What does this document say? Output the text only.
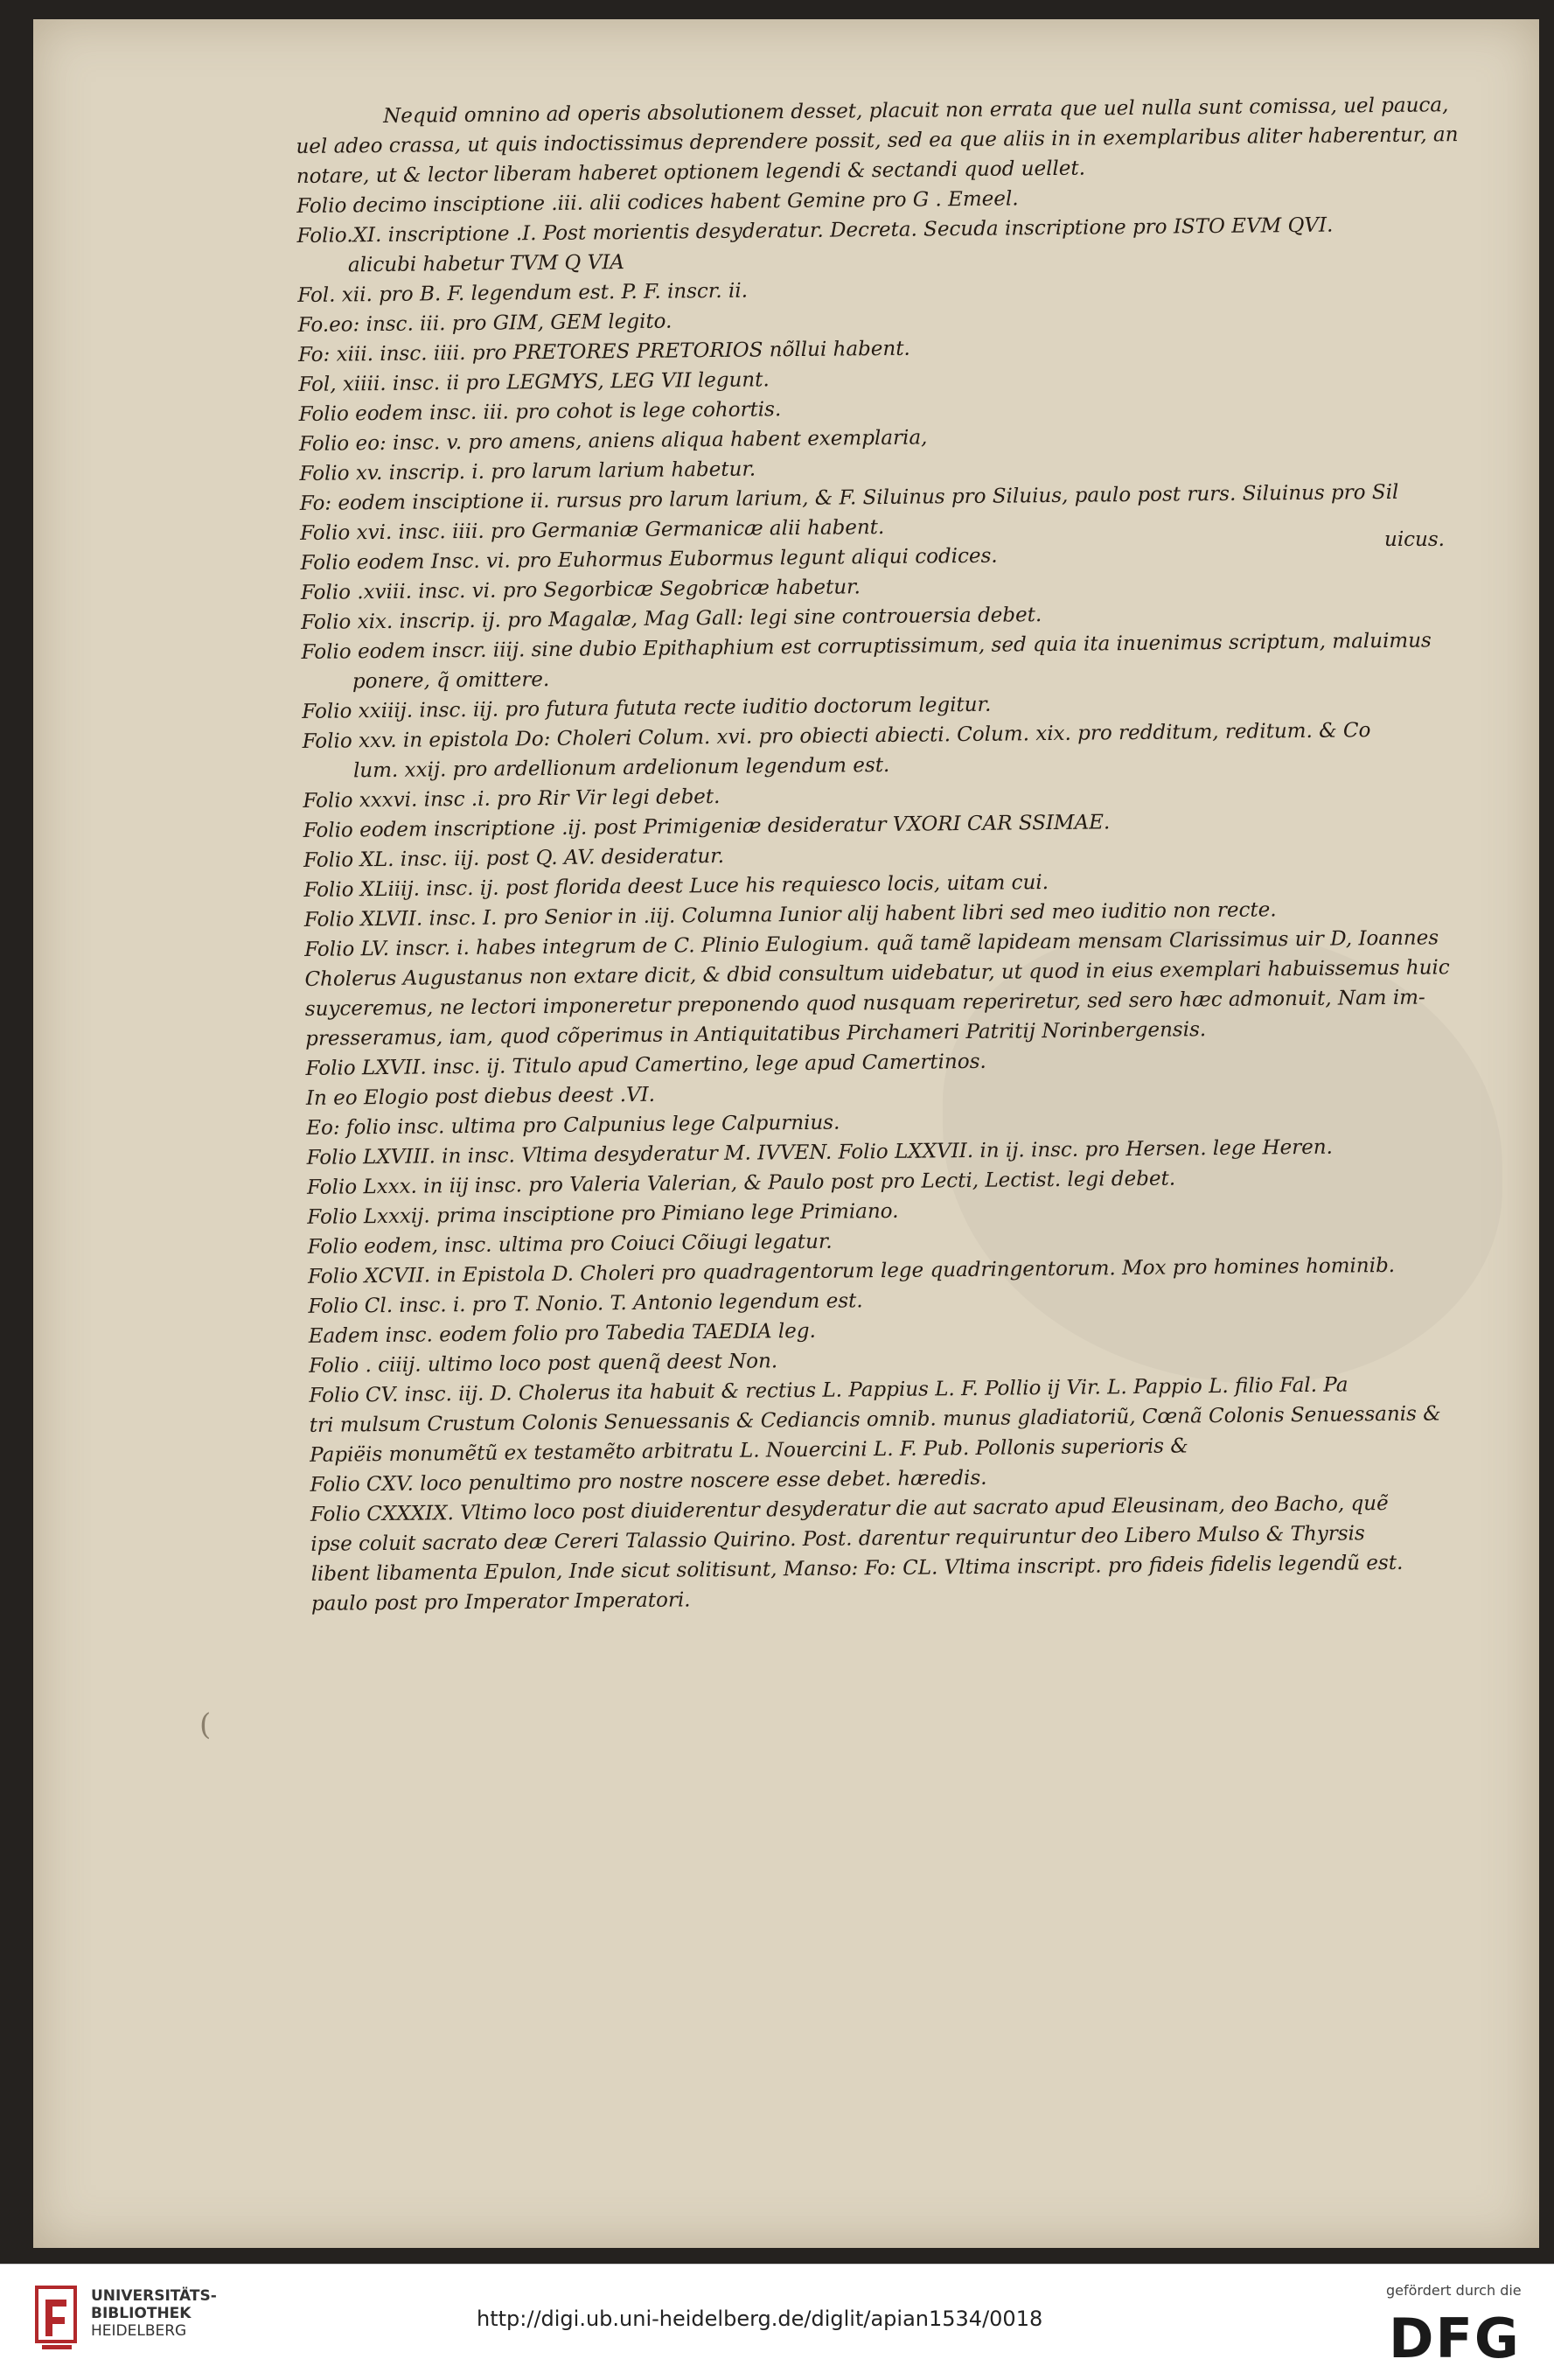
(
Nequid omnino ad operis absolutionem desset, placuit non errata que uel nulla sunt comissa, uel pauca,
uel adeo crassa, ut quis indoctissimus deprendere possit, sed ea que aliis in in exemplaribus aliter haberentur, an
notare, ut & lector liberam haberet optionem legendi & sectandi quod uellet.
Folio decimo insciptione .iii. alii codices habent Gemine pro G . Emeel.
Folio.XI. inscriptione .I. Post morientis desyderatur. Decreta. Secuda inscriptione pro ISTO EVM QVI.
alicubi habetur TVM Q VIA
Fol. xii. pro B. F. legendum est. P. F. inscr. ii.
Fo.eo: insc. iii. pro GIM, GEM legito.
Fo: xiii. insc. iiii. pro PRETORES PRETORIOS nõllui habent.
Fol, xiiii. insc. ii pro LEGMYS, LEG VII legunt.
Folio eodem insc. iii. pro cohot is lege cohortis.
Folio eo: insc. v. pro amens, aniens aliqua habent exemplaria,
Folio xv. inscrip. i. pro larum larium habetur.
Fo: eodem insciptione ii. rursus pro larum larium, & F. Siluinus pro Siluius, paulo post rurs. Siluinus pro Sil
Folio xvi. insc. iiii. pro Germaniæ Germanicæ alii habent.
Folio eodem Insc. vi. pro Euhormus Eubormus legunt aliqui codices.
Folio .xviii. insc. vi. pro Segorbicæ Segobricæ habetur.
Folio xix. inscrip. ij. pro Magalæ, Mag Gall: legi sine controuersia debet.
Folio eodem inscr. iiij. sine dubio Epithaphium est corruptissimum, sed quia ita inuenimus scriptum, maluimus
ponere, q̃ omittere.
Folio xxiiij. insc. iij. pro futura fututa recte iuditio doctorum legitur.
Folio xxv. in epistola Do: Choleri Colum. xvi. pro obiecti abiecti. Colum. xix. pro redditum, reditum. & Co
lum. xxij. pro ardellionum ardelionum legendum est.
Folio xxxvi. insc .i. pro Rir Vir legi debet.
Folio eodem inscriptione .ij. post Primigeniæ desideratur VXORI CAR SSIMAE.
Folio XL. insc. iij. post Q. AV. desideratur.
Folio XLiiij. insc. ij. post florida deest Luce his requiesco locis, uitam cui.
Folio XLVII. insc. I. pro Senior in .iij. Columna Iunior alij habent libri sed meo iuditio non recte.
Folio LV. inscr. i. habes integrum de C. Plinio Eulogium. quã tamẽ lapideam mensam Clarissimus uir D, Ioannes
Cholerus Augustanus non extare dicit, & dbid consultum uidebatur, ut quod in eius exemplari habuissemus huic
suyceremus, ne lectori imponeretur preponendo quod nusquam reperiretur, sed sero hæc admonuit, Nam im-
presseramus, iam, quod cõperimus in Antiquitatibus Pirchameri Patritij Norinbergensis.
Folio LXVII. insc. ij. Titulo apud Camertino, lege apud Camertinos.
In eo Elogio post diebus deest .VI.
Eo: folio insc. ultima pro Calpunius lege Calpurnius.
Folio LXVIII. in insc. Vltima desyderatur M. IVVEN. Folio LXXVII. in ij. insc. pro Hersen. lege Heren.
Folio Lxxx. in iij insc. pro Valeria Valerian, & Paulo post pro Lecti, Lectist. legi debet.
Folio Lxxxij. prima insciptione pro Pimiano lege Primiano.
Folio eodem, insc. ultima pro Coiuci Cõiugi legatur.
Folio XCVII. in Epistola D. Choleri pro quadragentorum lege quadringentorum. Mox pro homines hominib.
Folio Cl. insc. i. pro T. Nonio. T. Antonio legendum est.
Eadem insc. eodem folio pro Tabedia TAEDIA leg.
Folio . ciiij. ultimo loco post quenq̃ deest Non.
Folio CV. insc. iij. D. Cholerus ita habuit & rectius L. Pappius L. F. Pollio ij Vir. L. Pappio L. filio Fal. Pa
tri mulsum Crustum Colonis Senuessanis & Cediancis omnib. munus gladiatoriũ, Cœnã Colonis Senuessanis &
Papiëis monumẽtũ ex testamẽto arbitratu L. Nouercini L. F. Pub. Pollonis superioris &
Folio CXV. loco penultimo pro nostre noscere esse debet. hæredis.
Folio CXXXIX. Vltimo loco post diuiderentur desyderatur die aut sacrato apud Eleusinam, deo Bacho, quẽ
ipse coluit sacrato deæ Cereri Talassio Quirino. Post. darentur requiruntur deo Libero Mulso & Thyrsis
libent libamenta Epulon, Inde sicut solitisunt, Manso: Fo: CL. Vltima inscript. pro fideis fidelis legendũ est.
paulo post pro Imperator Imperatori.
uicus.
UNIVERSITÄTS-
BIBLIOTHEK
HEIDELBERG	http://digi.ub.uni-heidelberg.de/diglit/apian1534/0018
gefördert durch die
DFG
